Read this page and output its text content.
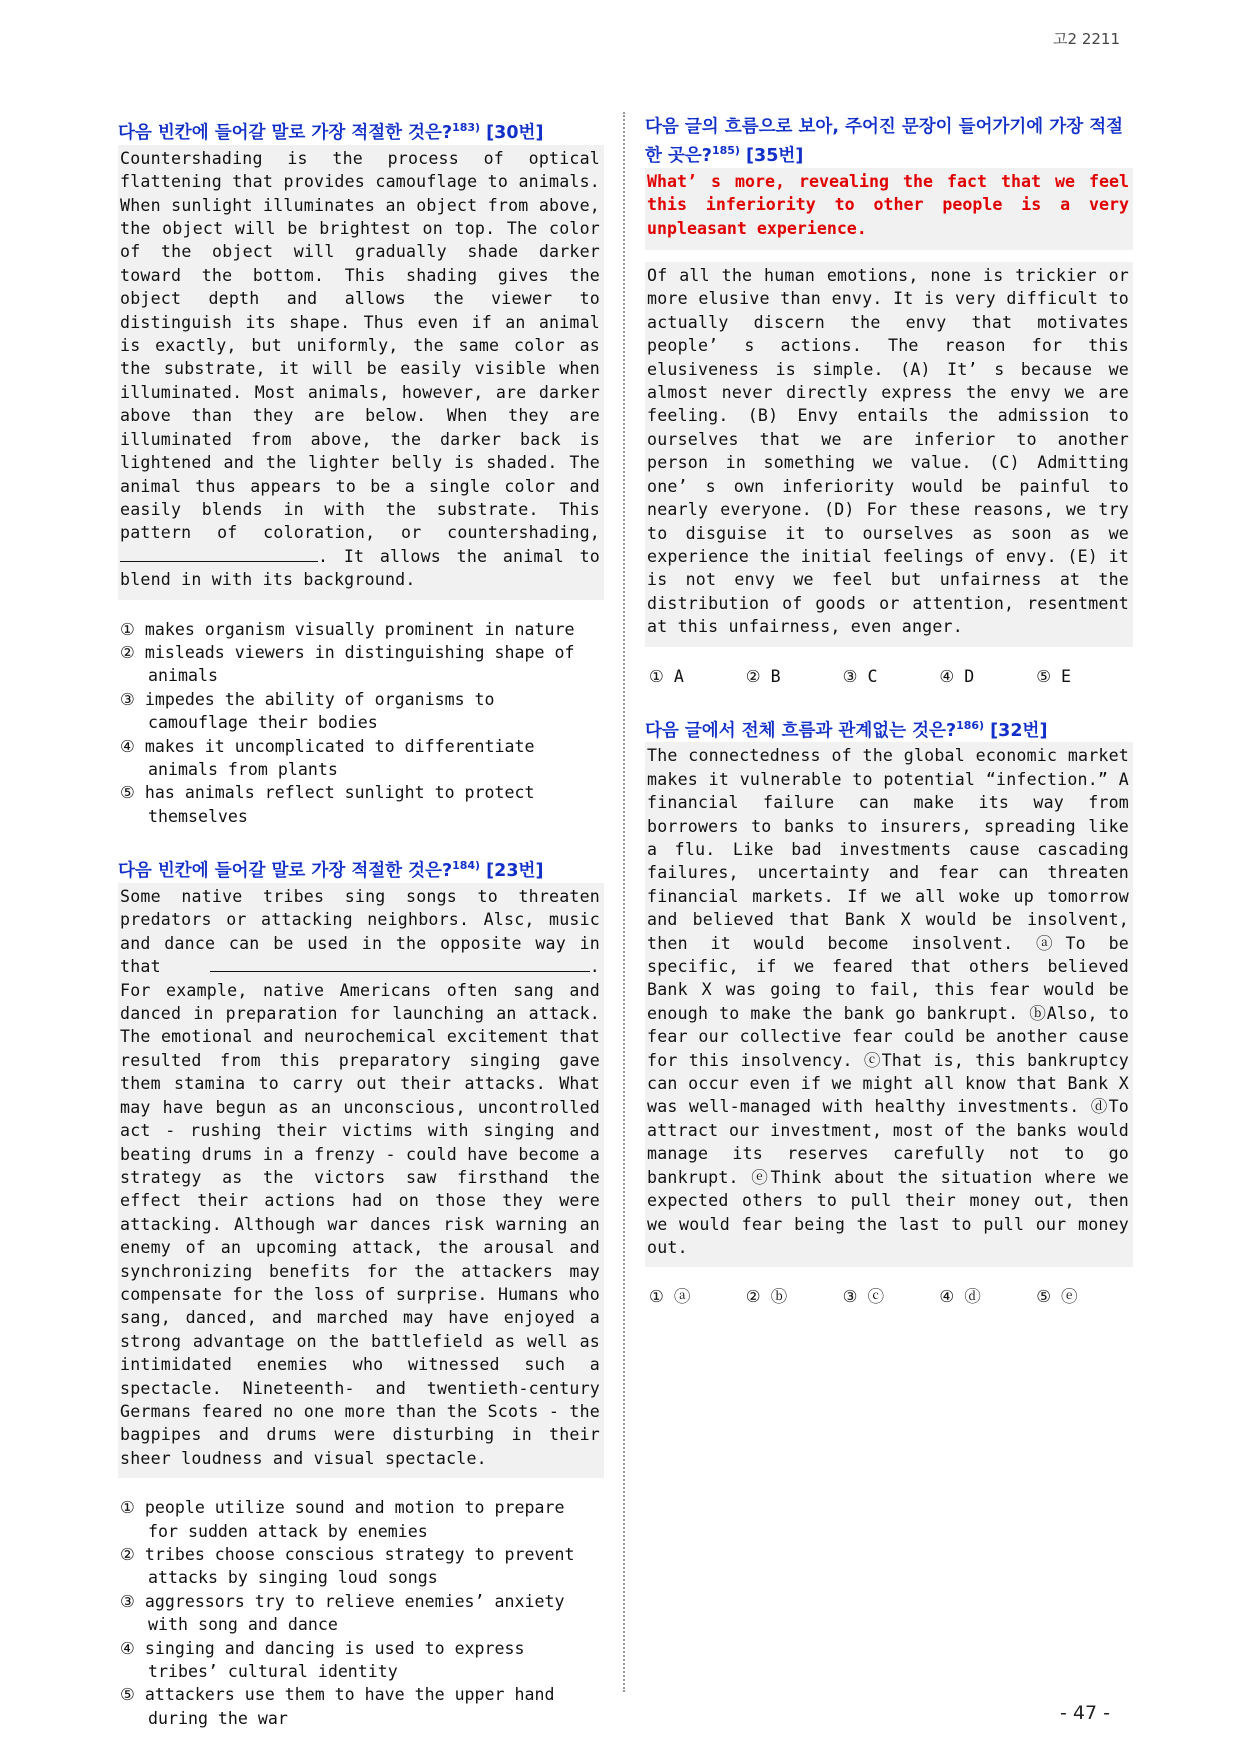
고2 2211
다음 빈칸에 들어갈 말로 가장 적절한 것은?$^{183)}$ [30번]
Countershading is the process of optical flattening that provides camouflage to animals. When sunlight illuminates an object from above, the object will be brightest on top. The color of the object will gradually shade darker toward the bottom. This shading gives the object depth and allows the viewer to distinguish its shape. Thus even if an animal is exactly, but uniformly, the same color as the substrate, it will be easily visible when illuminated. Most animals, however, are darker above than they are below. When they are illuminated from above, the darker back is lightened and the lighter belly is shaded. The animal thus appears to be a single color and easily blends in with the substrate. This pattern of coloration, or countershading, . It allows the animal to blend in with its background.
① makes organism visually prominent in nature
② misleads viewers in distinguishing shape of animals
③ impedes the ability of organisms to camouflage their bodies
④ makes it uncomplicated to differentiate animals from plants
⑤ has animals reflect sunlight to protect themselves
다음 빈칸에 들어갈 말로 가장 적절한 것은?$^{184)}$ [23번]
Some native tribes sing songs to threaten predators or attacking neighbors. Alsc, music and dance can be used in the opposite way in that	. For example, native Americans often sang and danced in preparation for launching an attack. The emotional and neurochemical excitement that resulted from this preparatory singing gave them stamina to carry out their attacks. What may have begun as an unconscious, uncontrolled act - rushing their victims with singing and beating drums in a frenzy - could have become a strategy as the victors saw firsthand the effect their actions had on those they were attacking. Although war dances risk warning an enemy of an upcoming attack, the arousal and synchronizing benefits for the attackers may compensate for the loss of surprise. Humans who sang, danced, and marched may have enjoyed a strong advantage on the battlefield as well as intimidated enemies who witnessed such a spectacle. Nineteenth- and twentieth-century Germans feared no one more than the Scots - the bagpipes and drums were disturbing in their sheer loudness and visual spectacle.
① people utilize sound and motion to prepare for sudden attack by enemies
② tribes choose conscious strategy to prevent attacks by singing loud songs
③ aggressors try to relieve enemies’ anxiety with song and dance
④ singing and dancing is used to express tribes’ cultural identity
⑤ attackers use them to have the upper hand during the war
다음 글의 흐름으로 보아, 주어진 문장이 들어가기에 가장 적절한 곳은?$^{185)}$ [35번]
What’ s more, revealing the fact that we feel this inferiority to other people is a very unpleasant experience.
Of all the human emotions, none is trickier or more elusive than envy. It is very difficult to actually discern the envy that motivates people’ s actions. The reason for this elusiveness is simple. (A) It’ s because we almost never directly express the envy we are feeling. (B) Envy entails the admission to ourselves that we are inferior to another person in something we value. (C) Admitting one’ s own inferiority would be painful to nearly everyone. (D) For these reasons, we try to disguise it to ourselves as soon as we experience the initial feelings of envy. (E) it is not envy we feel but unfairness at the distribution of goods or attention, resentment at this unfairness, even anger.
① A	② B	③ C	④ D	⑤ E
다음 글에서 전체 흐름과 관계없는 것은?$^{186)}$ [32번]
The connectedness of the global economic market makes it vulnerable to potential “infection.” A financial failure can make its way from borrowers to banks to insurers, spreading like a flu. Like bad investments cause cascading failures, uncertainty and fear can threaten financial markets. If we all woke up tomorrow and believed that Bank X would be insolvent, then it would become insolvent. ⓐTo be specific, if we feared that others believed Bank X was going to fail, this fear would be enough to make the bank go bankrupt. ⓑAlso, to fear our collective fear could be another cause for this insolvency. ⓒThat is, this bankruptcy can occur even if we might all know that Bank X was well-managed with healthy investments. ⓓTo attract our investment, most of the banks would manage its reserves carefully not to go bankrupt. ⓔThink about the situation where we expected others to pull their money out, then we would fear being the last to pull our money out.
① ⓐ	② ⓑ	③ ⓒ	④ ⓓ	⑤ ⓔ
- 47 -
